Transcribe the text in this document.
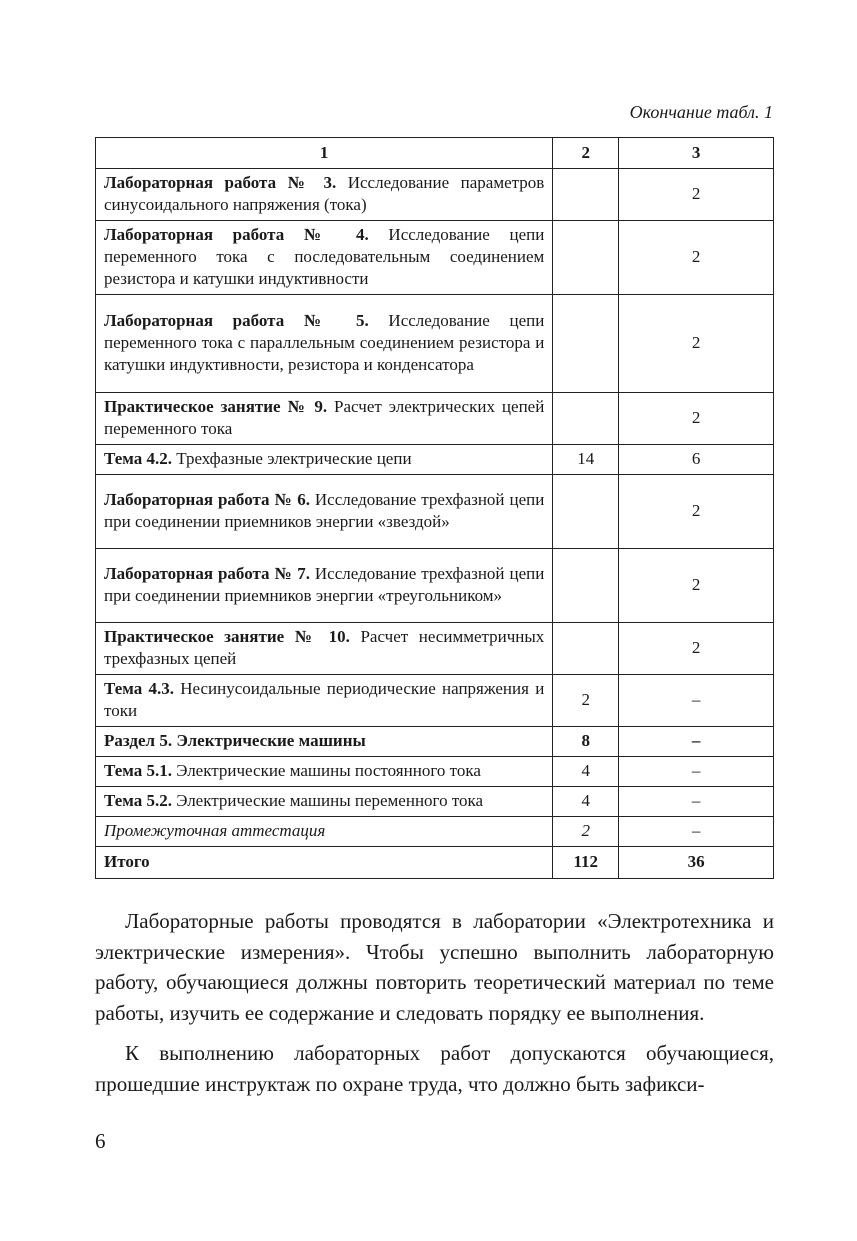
Окончание табл. 1
1	2	3
Лабораторная работа № 3. Исследование параметров синусоидального напряжения (тока)		2
Лабораторная работа № 4. Исследование цепи переменного тока с последовательным соединением резистора и катушки индуктивности		2
Лабораторная работа № 5. Исследование цепи переменного тока с параллельным соединением резистора и катушки индуктивности, резистора и конденсатора		2
Практическое занятие № 9. Расчет электрических цепей переменного тока		2
Тема 4.2. Трехфазные электрические цепи	14	6
Лабораторная работа № 6. Исследование трехфазной цепи при соединении приемников энергии «звездой»		2
Лабораторная работа № 7. Исследование трехфазной цепи при соединении приемников энергии «треугольником»		2
Практическое занятие № 10. Расчет несимметричных трехфазных цепей		2
Тема 4.3. Несинусоидальные периодические напряжения и токи	2	–
Раздел 5. Электрические машины	8	–
Тема 5.1. Электрические машины постоянного тока	4	–
Тема 5.2. Электрические машины переменного тока	4	–
Промежуточная аттестация	2	–
Итого	112	36

Лабораторные работы проводятся в лаборатории «Электротехника и электрические измерения». Чтобы успешно выполнить лабораторную работу, обучающиеся должны повторить теоретический материал по теме работы, изучить ее содержание и следовать порядку ее выполнения.

К выполнению лабораторных работ допускаются обучающиеся, прошедшие инструктаж по охране труда, что должно быть зафикси-

6
